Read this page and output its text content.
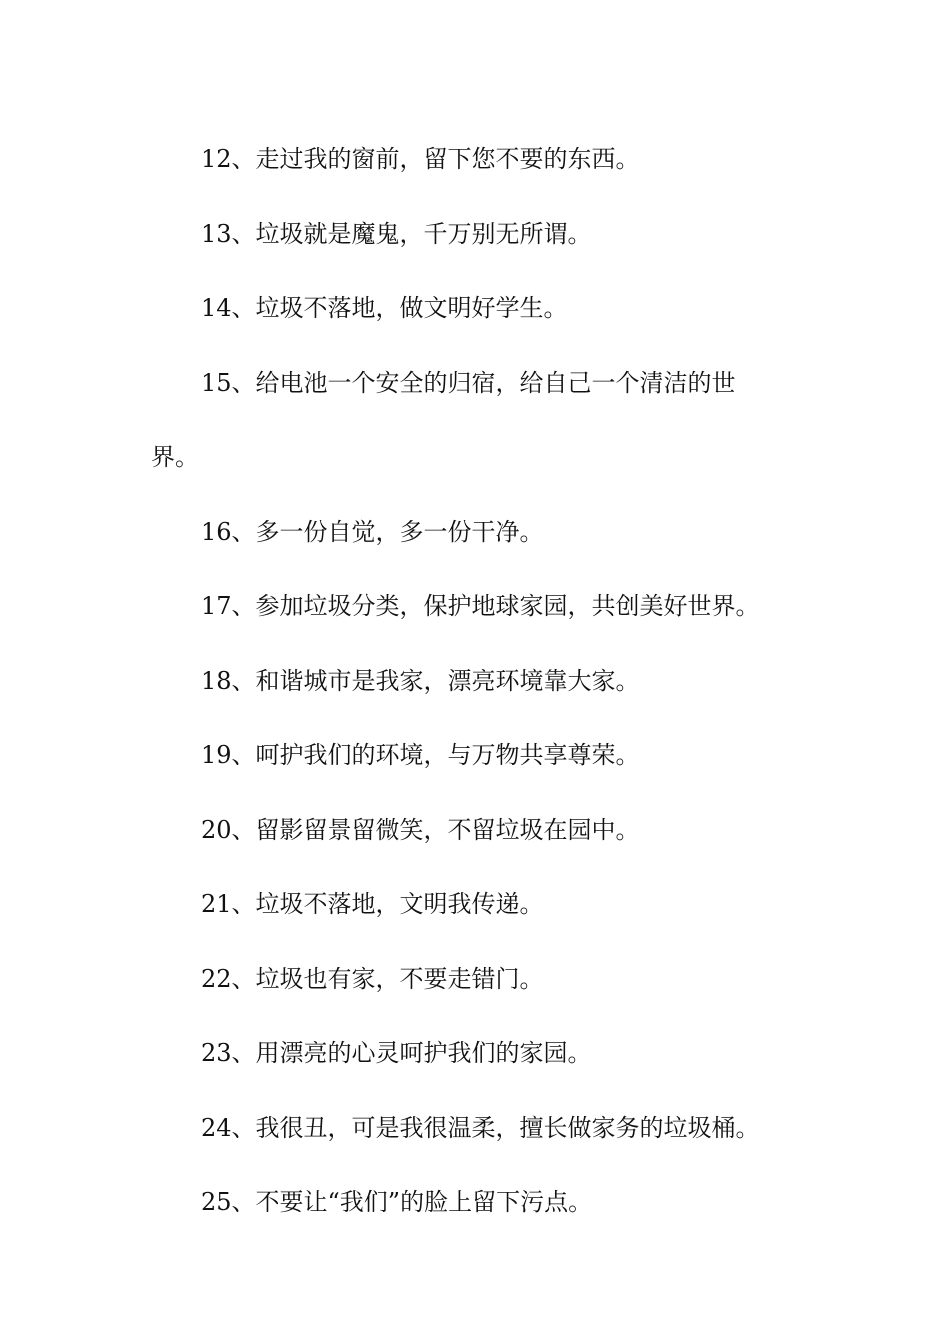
12、走过我的窗前，留下您不要的东西。

13、垃圾就是魔鬼，千万别无所谓。

14、垃圾不落地，做文明好学生。

15、给电池一个安全的归宿，给自己一个清洁的世

界。

16、多一份自觉，多一份干净。

17、参加垃圾分类，保护地球家园，共创美好世界。

18、和谐城市是我家，漂亮环境靠大家。

19、呵护我们的环境，与万物共享尊荣。

20、留影留景留微笑，不留垃圾在园中。

21、垃圾不落地，文明我传递。

22、垃圾也有家，不要走错门。

23、用漂亮的心灵呵护我们的家园。

24、我很丑，可是我很温柔，擅长做家务的垃圾桶。

25、不要让“我们”的脸上留下污点。
